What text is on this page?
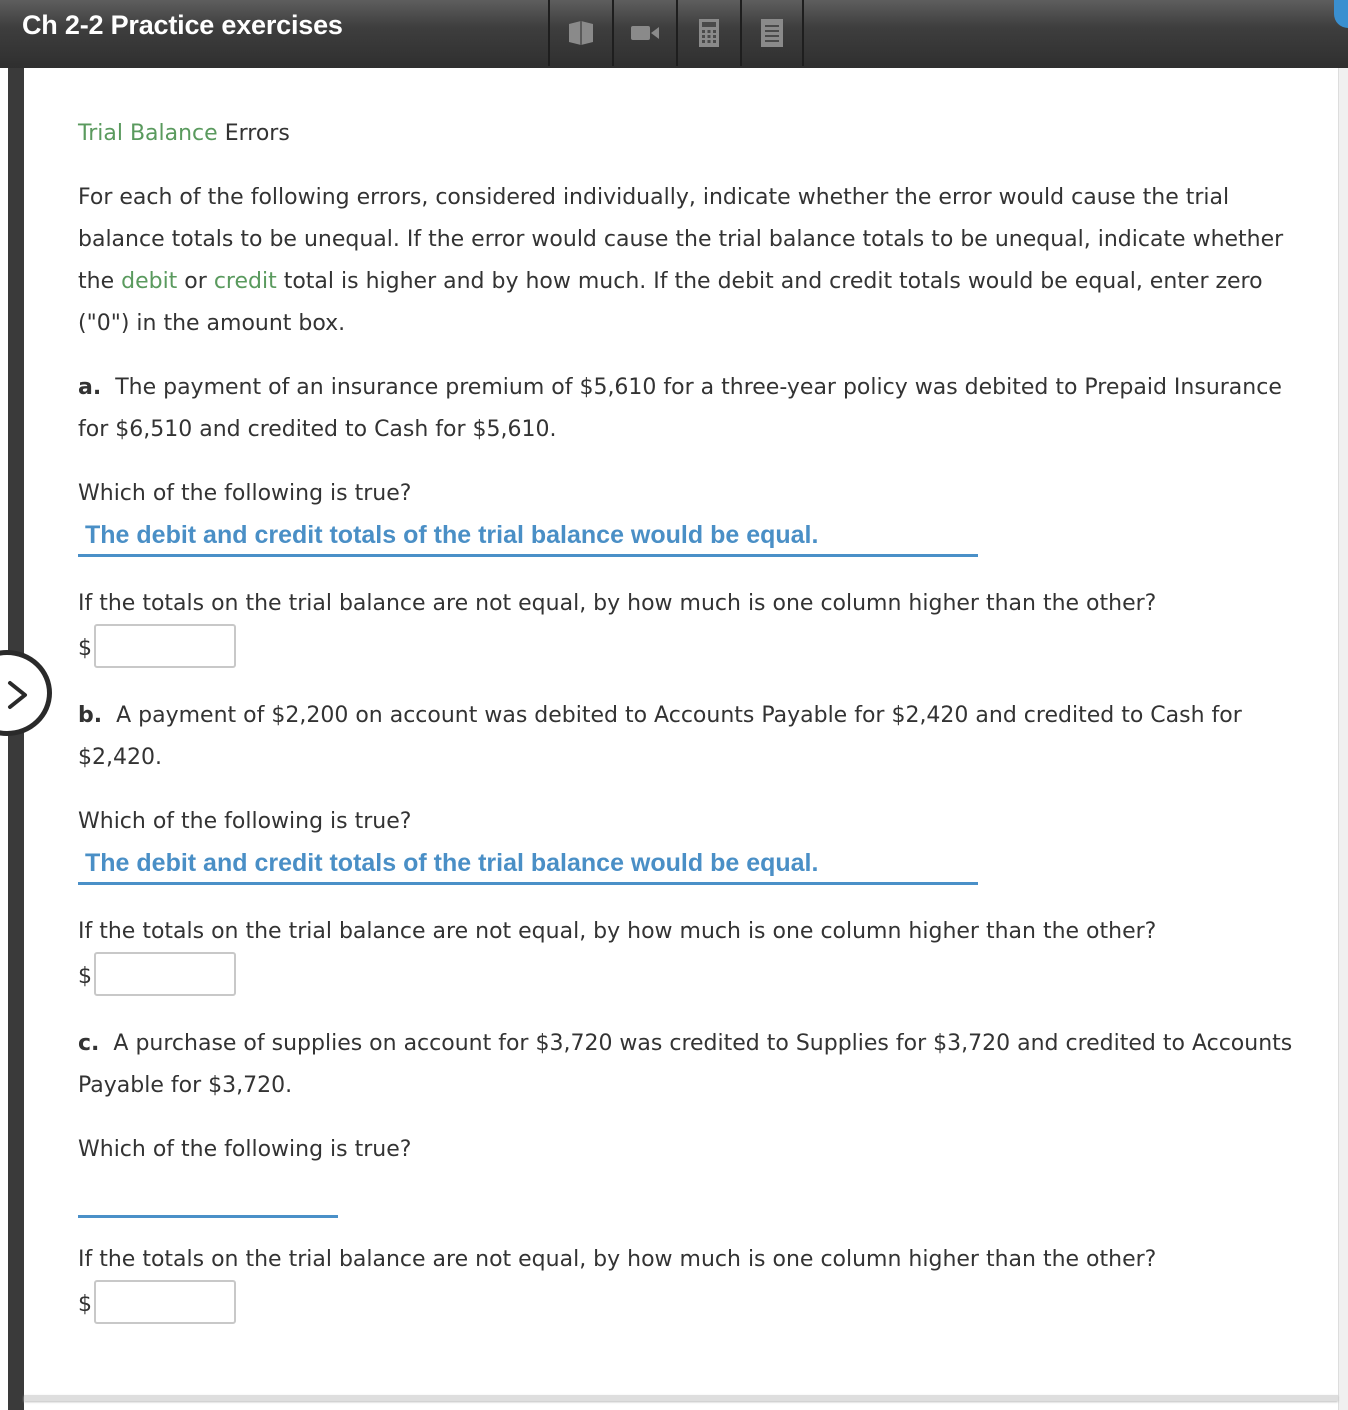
Ch 2-2 Practice exercises
Trial Balance Errors
For each of the following errors, considered individually, indicate whether the error would cause the trial balance totals to be unequal. If the error would cause the trial balance totals to be unequal, indicate whether the debit or credit total is higher and by how much. If the debit and credit totals would be equal, enter zero ("0") in the amount box.
a. The payment of an insurance premium of $5,610 for a three-year policy was debited to Prepaid Insurance for $6,510 and credited to Cash for $5,610.
Which of the following is true?
The debit and credit totals of the trial balance would be equal.
If the totals on the trial balance are not equal, by how much is one column higher than the other?
$
b. A payment of $2,200 on account was debited to Accounts Payable for $2,420 and credited to Cash for $2,420.
Which of the following is true?
The debit and credit totals of the trial balance would be equal.
If the totals on the trial balance are not equal, by how much is one column higher than the other?
$
c. A purchase of supplies on account for $3,720 was credited to Supplies for $3,720 and credited to Accounts Payable for $3,720.
Which of the following is true?
If the totals on the trial balance are not equal, by how much is one column higher than the other?
$
